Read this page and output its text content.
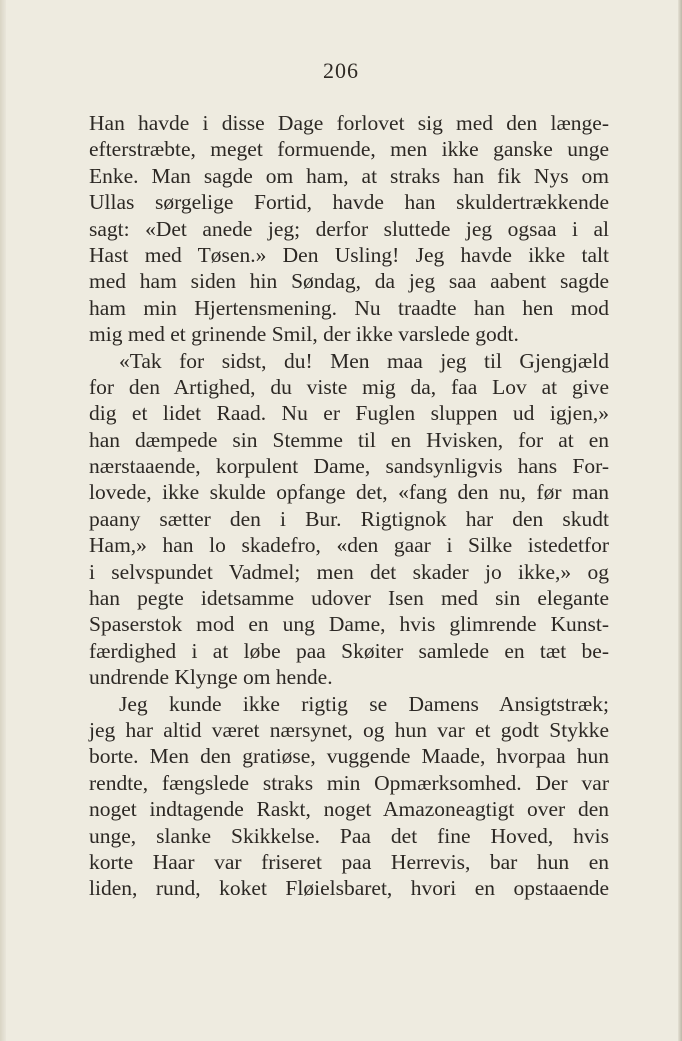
206
Han havde i disse Dage forlovet sig med den længe-
efterstræbte, meget formuende, men ikke ganske unge
Enke. Man sagde om ham, at straks han fik Nys om
Ullas sørgelige Fortid, havde han skuldertrækkende
sagt: «Det anede jeg; derfor sluttede jeg ogsaa i al
Hast med Tøsen.» Den Usling! Jeg havde ikke talt
med ham siden hin Søndag, da jeg saa aabent sagde
ham min Hjertensmening. Nu traadte han hen mod
mig med et grinende Smil, der ikke varslede godt.
«Tak for sidst, du! Men maa jeg til Gjengjæld
for den Artighed, du viste mig da, faa Lov at give
dig et lidet Raad. Nu er Fuglen sluppen ud igjen,»
han dæmpede sin Stemme til en Hvisken, for at en
nærstaaende, korpulent Dame, sandsynligvis hans For-
lovede, ikke skulde opfange det, «fang den nu, før man
paany sætter den i Bur. Rigtignok har den skudt
Ham,» han lo skadefro, «den gaar i Silke istedetfor
i selvspundet Vadmel; men det skader jo ikke,» og
han pegte idetsamme udover Isen med sin elegante
Spaserstok mod en ung Dame, hvis glimrende Kunst-
færdighed i at løbe paa Skøiter samlede en tæt be-
undrende Klynge om hende.
Jeg kunde ikke rigtig se Damens Ansigtstræk;
jeg har altid været nærsynet, og hun var et godt Stykke
borte. Men den gratiøse, vuggende Maade, hvorpaa hun
rendte, fængslede straks min Opmærksomhed. Der var
noget indtagende Raskt, noget Amazoneagtigt over den
unge, slanke Skikkelse. Paa det fine Hoved, hvis
korte Haar var friseret paa Herrevis, bar hun en
liden, rund, koket Fløielsbaret, hvori en opstaaende
